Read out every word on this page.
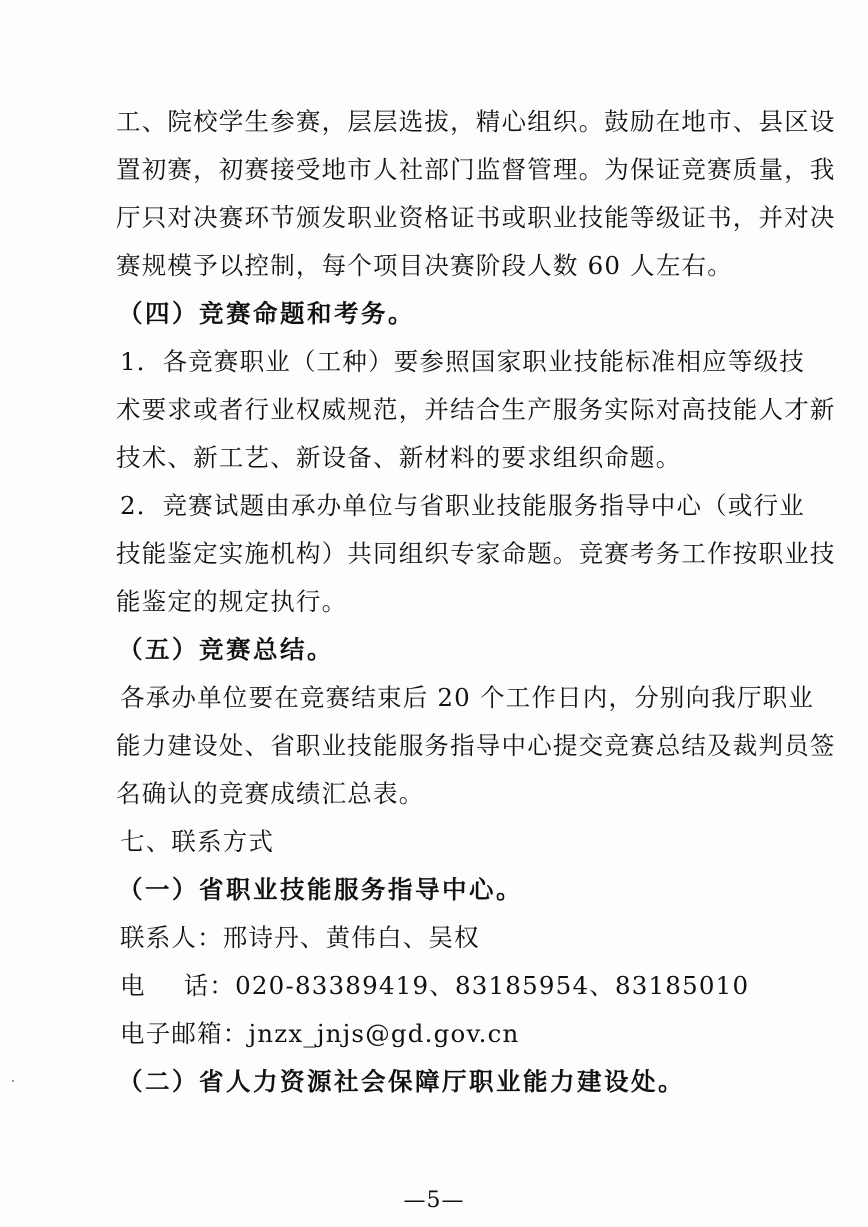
工、院校学生参赛，层层选拔，精心组织。鼓励在地市、县区设
置初赛，初赛接受地市人社部门监督管理。为保证竞赛质量，我
厅只对决赛环节颁发职业资格证书或职业技能等级证书，并对决
赛规模予以控制，每个项目决赛阶段人数 60 人左右。
（四）竞赛命题和考务。
1．各竞赛职业（工种）要参照国家职业技能标准相应等级技
术要求或者行业权威规范，并结合生产服务实际对高技能人才新
技术、新工艺、新设备、新材料的要求组织命题。
2．竞赛试题由承办单位与省职业技能服务指导中心（或行业
技能鉴定实施机构）共同组织专家命题。竞赛考务工作按职业技
能鉴定的规定执行。
（五）竞赛总结。
各承办单位要在竞赛结束后 20 个工作日内，分别向我厅职业
能力建设处、省职业技能服务指导中心提交竞赛总结及裁判员签
名确认的竞赛成绩汇总表。
七、联系方式
（一）省职业技能服务指导中心。
联系人：邢诗丹、黄伟白、吴权
电 话：020-83389419、83185954、83185010
电子邮箱：jnzx_jnjs@gd.gov.cn
（二）省人力资源社会保障厅职业能力建设处。
—5—
